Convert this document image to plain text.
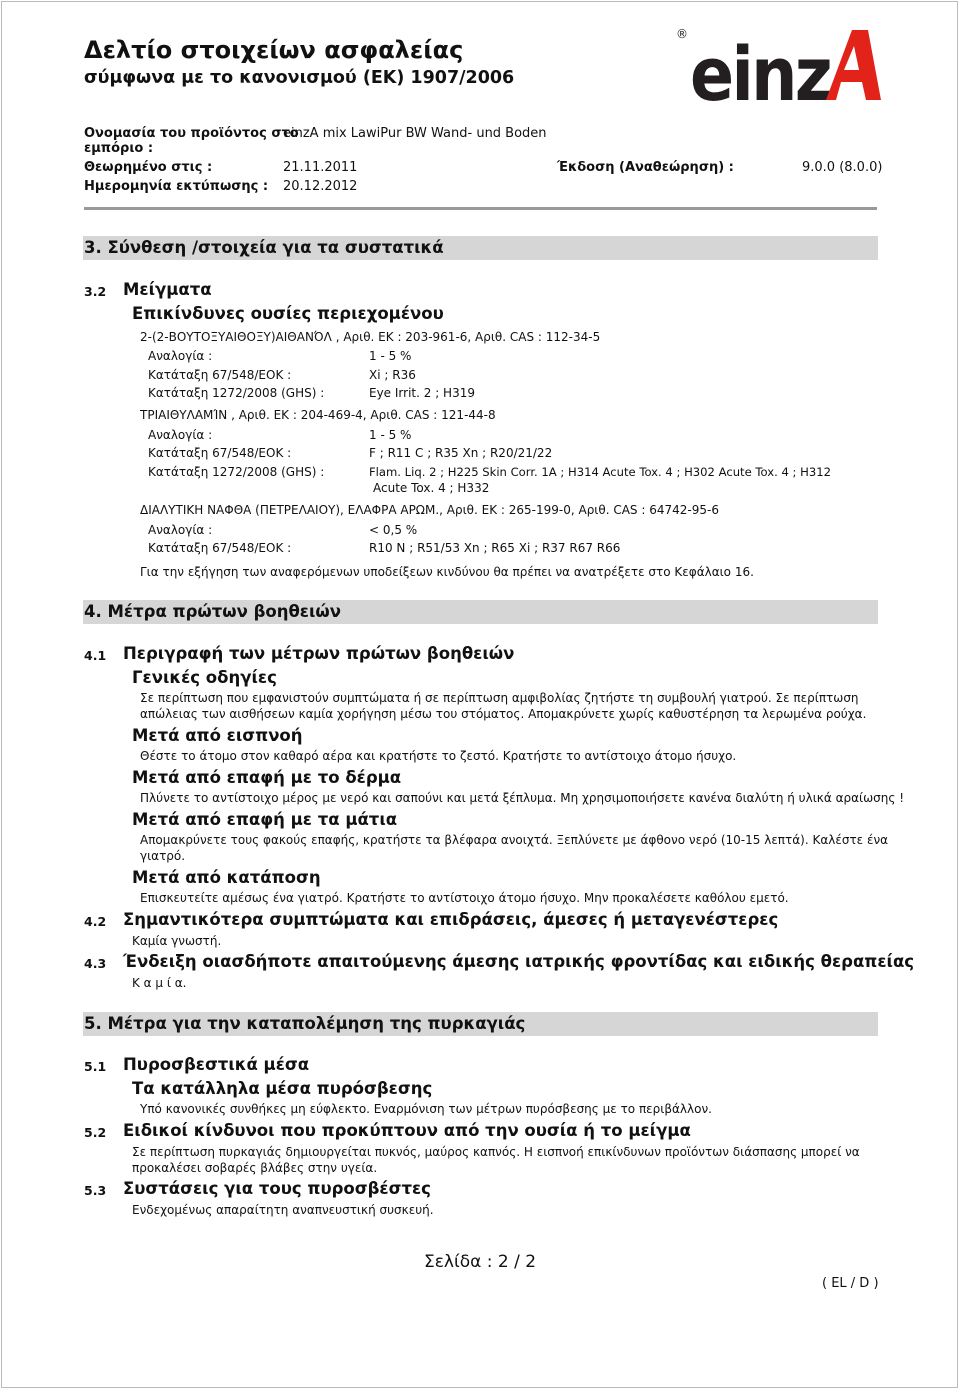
Δελτίο στοιχείων ασφαλείας
σύμφωνα με το κανονισμού (ΕΚ) 1907/2006
® einz
Ονομασία του προϊόντος στο
εμπόριο :
einzA mix LawiPur BW Wand- und Boden
Θεωρημένο στις :	21.11.2011	Έκδοση (Αναθεώρηση) :	9.0.0 (8.0.0)
Ημερομηνία εκτύπωσης : 20.12.2012
3. Σύνθεση /στοιχεία για τα συστατικά
3.2 Μείγματα
Επικίνδυνες ουσίες περιεχομένου
2-(2-ΒΟΥΤΟΞΥΑΙΘΟΞΥ)ΑΙΘΑΝΌΛ , Αριθ. ΕΚ : 203-961-6, Αριθ. CAS : 112-34-5
Αναλογία :	1 - 5 %
Κατάταξη 67/548/ΕΟΚ :	Xi ; R36
Κατάταξη 1272/2008 (GHS) :	Eye Irrit. 2 ; H319
ΤΡΙΑΙΘΥΛΑΜΊΝ , Αριθ. ΕΚ : 204-469-4, Αριθ. CAS : 121-44-8
Αναλογία :	1 - 5 %
Κατάταξη 67/548/ΕΟΚ :	F ; R11 C ; R35 Xn ; R20/21/22
Κατάταξη 1272/2008 (GHS) :	Flam. Liq. 2 ; H225 Skin Corr. 1A ; H314 Acute Tox. 4 ; H302 Acute Tox. 4 ; H312
Acute Tox. 4 ; H332
ΔΙΑΛΥΤΙΚΗ ΝΑΦΘΑ (ΠΕΤΡΕΛΑΙΟΥ), ΕΛΑΦΡΑ ΑΡΩΜ., Αριθ. ΕΚ : 265-199-0, Αριθ. CAS : 64742-95-6
Αναλογία :	< 0,5 %
Κατάταξη 67/548/ΕΟΚ :	R10 N ; R51/53 Xn ; R65 Xi ; R37 R67 R66
Για την εξήγηση των αναφερόμενων υποδείξεων κινδύνου θα πρέπει να ανατρέξετε στο Κεφάλαιο 16.
4. Μέτρα πρώτων βοηθειών
4.1 Περιγραφή των μέτρων πρώτων βοηθειών
Γενικές οδηγίες
Σε περίπτωση που εμφανιστούν συμπτώματα ή σε περίπτωση αμφιβολίας ζητήστε τη συμβουλή γιατρού. Σε περίπτωση
απώλειας των αισθήσεων καμία χορήγηση μέσω του στόματος. Απομακρύνετε χωρίς καθυστέρηση τα λερωμένα ρούχα.
Μετά από εισπνοή
Θέστε το άτομο στον καθαρό αέρα και κρατήστε το ζεστό. Κρατήστε το αντίστοιχο άτομο ήσυχο.
Μετά από επαφή με το δέρμα
Πλύνετε το αντίστοιχο μέρος με νερό και σαπούνι και μετά ξέπλυμα. Μη χρησιμοποιήσετε κανένα διαλύτη ή υλικά αραίωσης !
Μετά από επαφή με τα μάτια
Απομακρύνετε τους φακούς επαφής, κρατήστε τα βλέφαρα ανοιχτά. Ξεπλύνετε με άφθονο νερό (10-15 λεπτά). Καλέστε ένα
γιατρό.
Μετά από κατάποση
Επισκευτείτε αμέσως ένα γιατρό. Κρατήστε το αντίστοιχο άτομο ήσυχο. Μην προκαλέσετε καθόλου εμετό.
4.2 Σημαντικότερα συμπτώματα και επιδράσεις, άμεσες ή μεταγενέστερες
Καμία γνωστή.
4.3 Ένδειξη οιασδήποτε απαιτούμενης άμεσης ιατρικής φροντίδας και ειδικής θεραπείας
Κ α μ ί α.
5. Μέτρα για την καταπολέμηση της πυρκαγιάς
5.1 Πυροσβεστικά μέσα
Τα κατάλληλα μέσα πυρόσβεσης
Υπό κανονικές συνθήκες μη εύφλεκτο. Εναρμόνιση των μέτρων πυρόσβεσης με το περιβάλλον.
5.2 Ειδικοί κίνδυνοι που προκύπτουν από την ουσία ή το μείγμα
Σε περίπτωση πυρκαγιάς δημιουργείται πυκνός, μαύρος καπνός. Η εισπνοή επικίνδυνων προϊόντων διάσπασης μπορεί να
προκαλέσει σοβαρές βλάβες στην υγεία.
5.3 Συστάσεις για τους πυροσβέστες
Ενδεχομένως απαραίτητη αναπνευστική συσκευή.
Σελίδα : 2 / 2
( EL / D )
